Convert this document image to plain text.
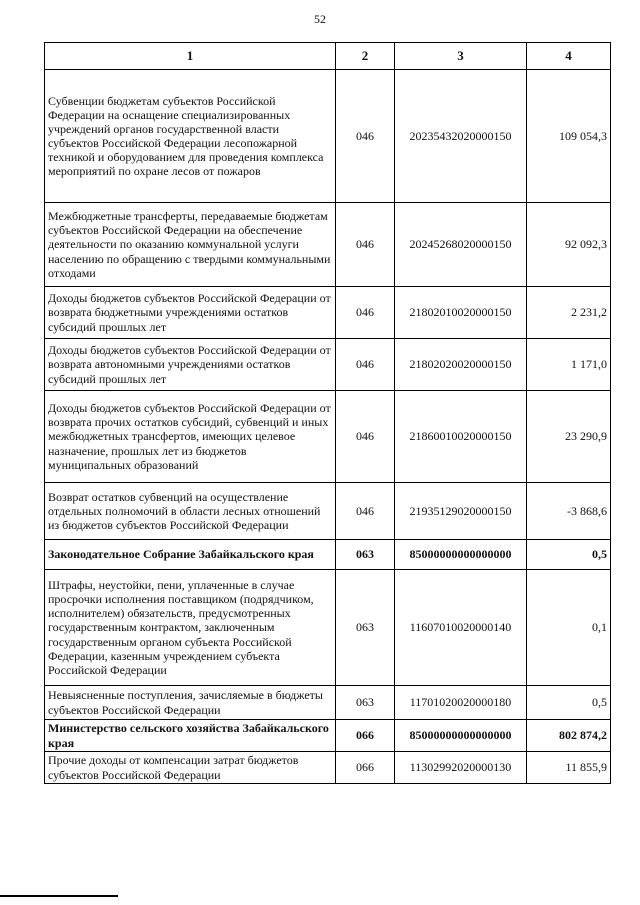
52
1	2	3	4
Субвенции бюджетам субъектов Российской Федерации на оснащение специализированных учреждений органов государственной власти субъектов Российской Федерации лесопожарной техникой и оборудованием для проведения комплекса мероприятий по охране лесов от пожаров	046	20235432020000150	109 054,3
Межбюджетные трансферты, передаваемые бюджетам субъектов Российской Федерации на обеспечение деятельности по оказанию коммунальной услуги населению по обращению с твердыми коммунальными отходами	046	20245268020000150	92 092,3
Доходы бюджетов субъектов Российской Федерации от возврата бюджетными учреждениями остатков субсидий прошлых лет	046	21802010020000150	2 231,2
Доходы бюджетов субъектов Российской Федерации от возврата автономными учреждениями остатков субсидий прошлых лет	046	21802020020000150	1 171,0
Доходы бюджетов субъектов Российской Федерации от возврата прочих остатков субсидий, субвенций и иных межбюджетных трансфертов, имеющих целевое назначение, прошлых лет из бюджетов муниципальных образований	046	21860010020000150	23 290,9
Возврат остатков субвенций на осуществление отдельных полномочий в области лесных отношений из бюджетов субъектов Российской Федерации	046	21935129020000150	-3 868,6
Законодательное Собрание Забайкальского края	063	85000000000000000	0,5
Штрафы, неустойки, пени, уплаченные в случае просрочки исполнения поставщиком (подрядчиком, исполнителем) обязательств, предусмотренных государственным контрактом, заключенным государственным органом субъекта Российской Федерации, казенным учреждением субъекта Российской Федерации	063	11607010020000140	0,1
Невыясненные поступления, зачисляемые в бюджеты субъектов Российской Федерации	063	11701020020000180	0,5
Министерство сельского хозяйства Забайкальского края	066	85000000000000000	802 874,2
Прочие доходы от компенсации затрат бюджетов субъектов Российской Федерации	066	11302992020000130	11 855,9
